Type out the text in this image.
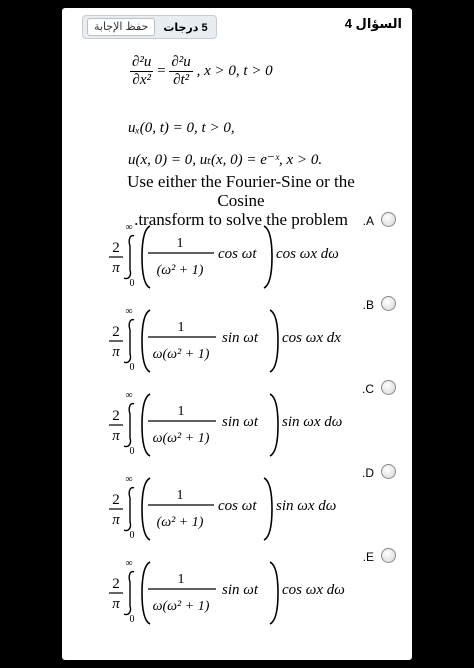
5 درجات
حفظ الإجابة	السؤال 4
$\frac{\text{∂²u}}{\text{∂x²}} = \frac{\text{∂²u}}{\text{∂t²}}$ , x > 0, t > 0
uₓ(0, t) = 0, t > 0,
u(x, 0) = 0, uₜ(x, 0) = e⁻ˣ, x > 0.
Use either the Fourier-Sine or the Cosine
.transform to solve the problem	.A
2
π
∞
0
1
(ω² + 1)
cos ωt cos ωx dω
.B
2
π
∞
0
1
ω(ω² + 1)
sin ωt cos ωx dx
.C
2
π
∞
0
1
ω(ω² + 1)
sin ωt sin ωx dω
.D
2
π
∞
0
1
(ω² + 1)
cos ωt sin ωx dω
.E
2
π
∞
0
1
ω(ω² + 1)
sin ωt cos ωx dω
